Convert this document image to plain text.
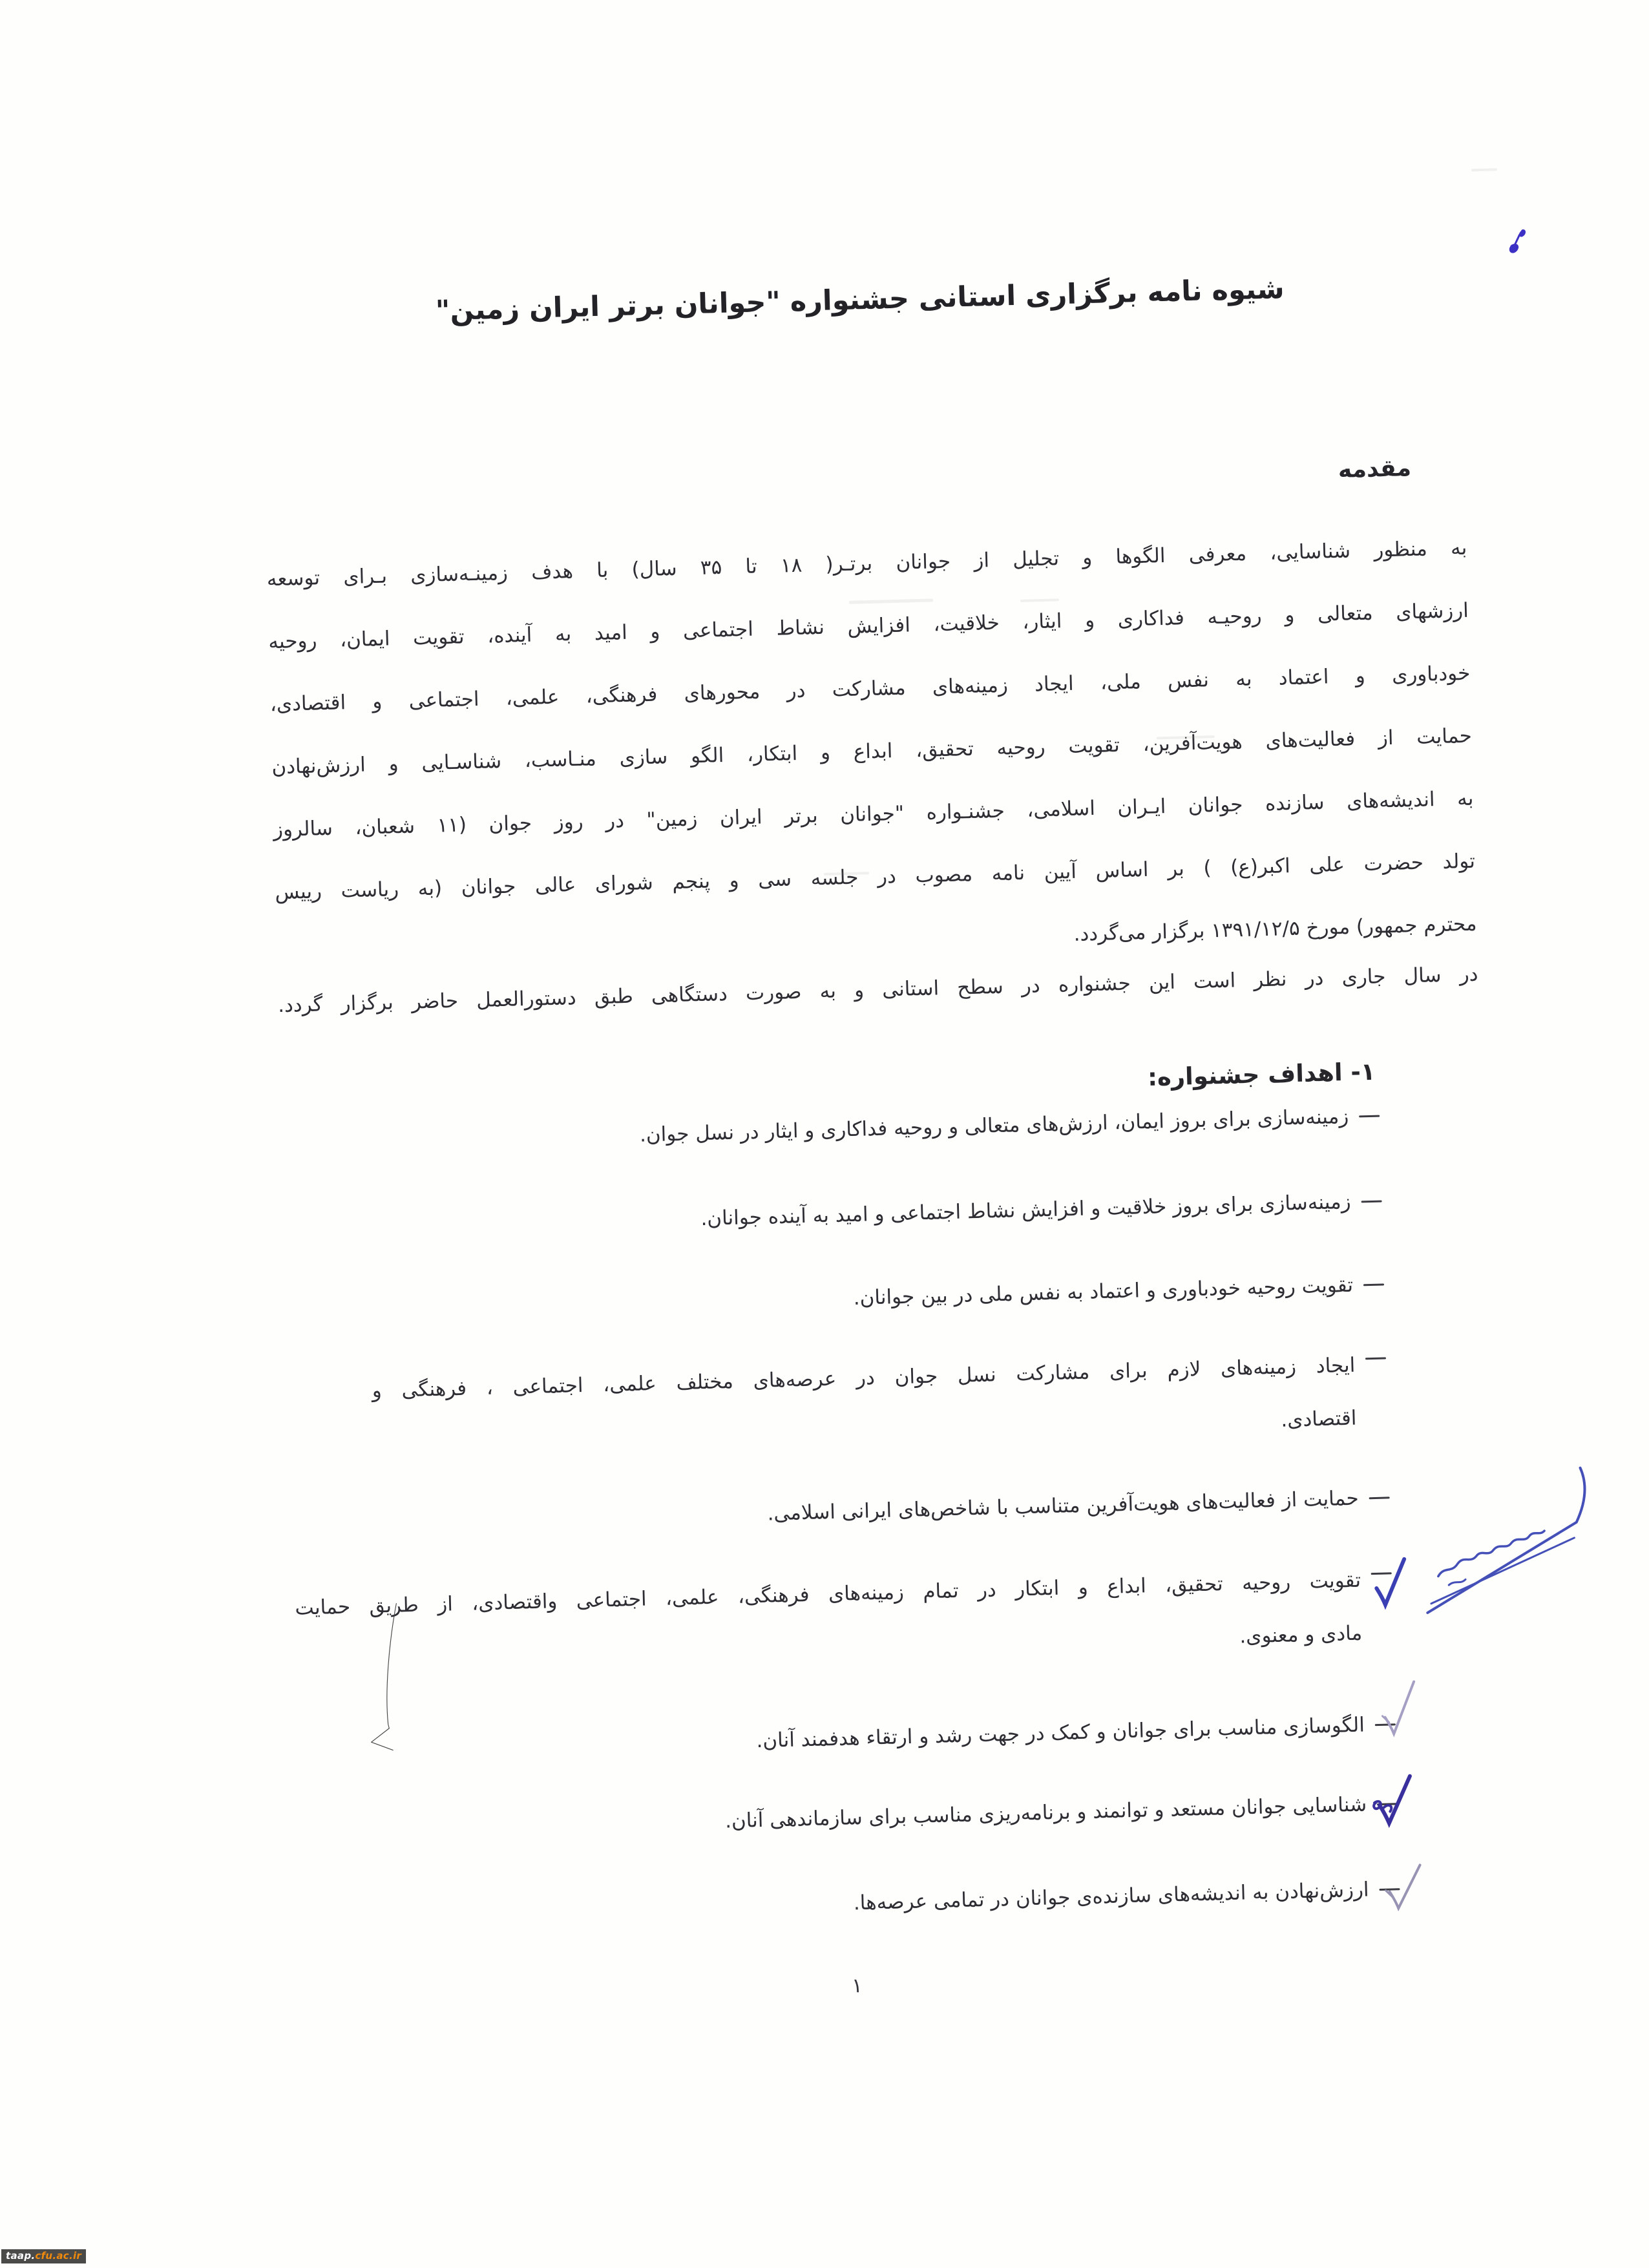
شیوه نامه برگزاری استانی جشنواره "جوانان برتر ایران زمین"
مقدمه
به منظور شناسایی، معرفی الگوها و تجلیل از جوانان برتـر( ۱۸ تا ۳۵ سال) با هدف زمینـه‌سازی بـرای توسعه
ارزشهای متعالی و روحیـه فداکاری و ایثار، خلاقیت، افزایش نشاط اجتماعی و امید به آینده، تقویت ایمان، روحیه
خودباوری و اعتماد به نفس ملی، ایجاد زمینه‌های مشارکت در محورهای فرهنگی، علمی، اجتماعی و اقتصادی،
حمایت از فعالیت‌های هویت‌آفرین، تقویت روحیه تحقیق، ابداع و ابتکار، الگو سازی منـاسب، شناسـایی و ارزش‌نهادن
به اندیشه‌های سازنده جوانان ایـران اسلامی، جشنـواره "جوانان برتر ایران زمین" در روز جوان (۱۱ شعبان، سالروز
تولد حضرت علی اکبر(ع) ) بر اساس آیین نامه مصوب در جلسه سی و پنجم شورای عالی جوانان (به ریاست رییس
محترم جمهور) مورخ ۱۳۹۱/۱۲/۵ برگزار می‌گردد.
در سال جاری در نظر است این جشنواره در سطح استانی و به صورت دستگاهی طبق دستورالعمل حاضر برگزار گردد.
۱- اهداف جشنواره:
زمینه‌سازی برای بروز ایمان، ارزش‌های متعالی و روحیه فداکاری و ایثار در نسل جوان.
زمینه‌سازی برای بروز خلاقیت و افزایش نشاط اجتماعی و امید به آینده جوانان.
تقویت روحیه خودباوری و اعتماد به نفس ملی در بین جوانان.
ایجاد زمینه‌های لازم برای مشارکت نسل جوان در عرصه‌های مختلف علمی، اجتماعی ، فرهنگی و
اقتصادی.
حمایت از فعالیت‌های هویت‌آفرین متناسب با شاخص‌های ایرانی اسلامی.
تقویت روحیه تحقیق، ابداع و ابتکار در تمام زمینه‌های فرهنگی، علمی، اجتماعی واقتصادی، از طریق حمایت
مادی و معنوی.
الگوسازی مناسب برای جوانان و کمک در جهت رشد و ارتقاء هدفمند آنان.
شناسایی جوانان مستعد و توانمند و برنامه‌ریزی مناسب برای سازماندهی آنان.
ارزش‌نهادن به اندیشه‌های سازنده‌ی جوانان در تمامی عرصه‌ها.
۱
taap.cfu.ac.ir
